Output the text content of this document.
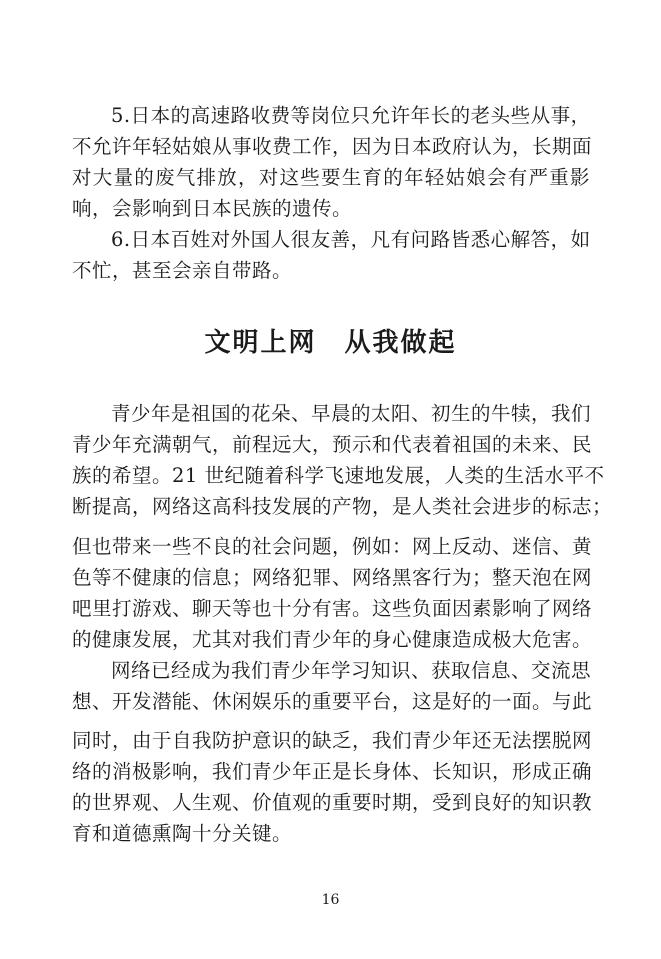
5.日本的高速路收费等岗位只允许年长的老头些从事，
不允许年轻姑娘从事收费工作，因为日本政府认为，长期面
对大量的废气排放，对这些要生育的年轻姑娘会有严重影
响，会影响到日本民族的遗传。
6.日本百姓对外国人很友善，凡有问路皆悉心解答，如
不忙，甚至会亲自带路。
文明上网　从我做起
青少年是祖国的花朵、早晨的太阳、初生的牛犊，我们
青少年充满朝气，前程远大，预示和代表着祖国的未来、民
族的希望。21 世纪随着科学飞速地发展，人类的生活水平不
断提高，网络这高科技发展的产物，是人类社会进步的标志；
但也带来一些不良的社会问题，例如：网上反动、迷信、黄
色等不健康的信息；网络犯罪、网络黑客行为；整天泡在网
吧里打游戏、聊天等也十分有害。这些负面因素影响了网络
的健康发展，尤其对我们青少年的身心健康造成极大危害。
网络已经成为我们青少年学习知识、获取信息、交流思
想、开发潜能、休闲娱乐的重要平台，这是好的一面。与此
同时，由于自我防护意识的缺乏，我们青少年还无法摆脱网
络的消极影响，我们青少年正是长身体、长知识，形成正确
的世界观、人生观、价值观的重要时期，受到良好的知识教
育和道德熏陶十分关键。
16
